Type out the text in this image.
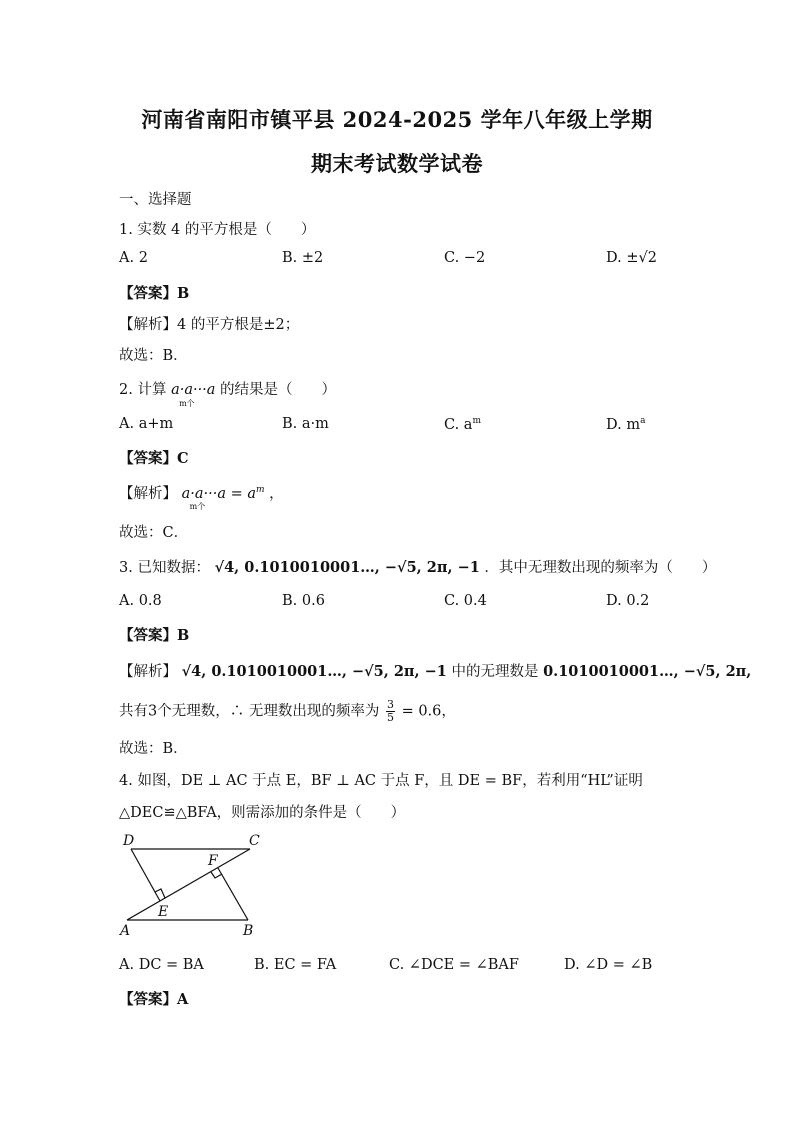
河南省南阳市镇平县 2024-2025 学年八年级上学期
期末考试数学试卷
一、选择题
1. 实数 4 的平方根是（　　）
A. 2	B. ±2	C. −2	D. ±√2
【答案】B
【解析】4 的平方根是±2；
故选：B．
2. 计算 a·a···a
m个
的结果是（　　）
A. a+m	B. a·m	C. $a^m$	D. $m^a$
【答案】C
【解析】 $a\cdot a\cdot\cdot\cdot a = a^m$
m个
，
故选：C．
3. 已知数据： √4, 0.1010010001…, −√5, 2π, −1 ．其中无理数出现的频率为（　　）
A. 0.8	B. 0.6	C. 0.4	D. 0.2
【答案】B
【解析】 √4, 0.1010010001…, −√5, 2π, −1 中的无理数是 0.1010010001…, −√5, 2π,
共有3个无理数，∴ 无理数出现的频率为 $\frac{3}{5} = 0.6$，
故选：B．
4. 如图，DE ⊥ AC 于点 E，BF ⊥ AC 于点 F，且 DE = BF，若利用“HL”证明
△DEC≌△BFA，则需添加的条件是（　　）
D	C
F
E
A	B
A. DC = BA	B. EC = FA	C. ∠DCE = ∠BAF	D. ∠D = ∠B
【答案】A
